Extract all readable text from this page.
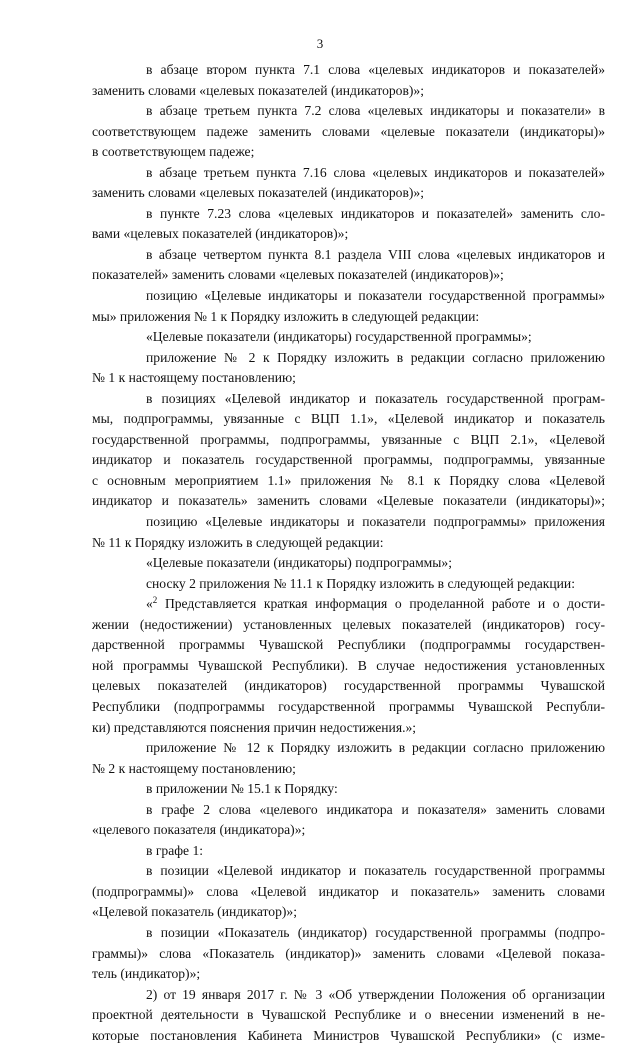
3
в абзаце втором пункта 7.1 слова «целевых индикаторов и показателей»
заменить словами «целевых показателей (индикаторов)»;
в абзаце третьем пункта 7.2 слова «целевых индикаторы и показатели» в
соответствующем падеже заменить словами «целевые показатели (индикаторы)»
в соответствующем падеже;
в абзаце третьем пункта 7.16 слова «целевых индикаторов и показателей»
заменить словами «целевых показателей (индикаторов)»;
в пункте 7.23 слова «целевых индикаторов и показателей» заменить сло-
вами «целевых показателей (индикаторов)»;
в абзаце четвертом пункта 8.1 раздела VIII слова «целевых индикаторов и
показателей» заменить словами «целевых показателей (индикаторов)»;
позицию «Целевые индикаторы и показатели государственной программы»
мы» приложения № 1 к Порядку изложить в следующей редакции:
«Целевые показатели (индикаторы) государственной программы»;
приложение № 2 к Порядку изложить в редакции согласно приложению
№ 1 к настоящему постановлению;
в позициях «Целевой индикатор и показатель государственной програм-
мы, подпрограммы, увязанные с ВЦП 1.1», «Целевой индикатор и показатель
государственной программы, подпрограммы, увязанные с ВЦП 2.1», «Целевой
индикатор и показатель государственной программы, подпрограммы, увязанные
с основным мероприятием 1.1» приложения № 8.1 к Порядку слова «Целевой
индикатор и показатель» заменить словами «Целевые показатели (индикаторы)»;
позицию «Целевые индикаторы и показатели подпрограммы» приложения
№ 11 к Порядку изложить в следующей редакции:
«Целевые показатели (индикаторы) подпрограммы»;
сноску 2 приложения № 11.1 к Порядку изложить в следующей редакции:
«$^2$ Представляется краткая информация о проделанной работе и о дости-
жении (недостижении) установленных целевых показателей (индикаторов) госу-
дарственной программы Чувашской Республики (подпрограммы государствен-
ной программы Чувашской Республики). В случае недостижения установленных
целевых показателей (индикаторов) государственной программы Чувашской
Республики (подпрограммы государственной программы Чувашской Республи-
ки) представляются пояснения причин недостижения.»;
приложение № 12 к Порядку изложить в редакции согласно приложению
№ 2 к настоящему постановлению;
в приложении № 15.1 к Порядку:
в графе 2 слова «целевого индикатора и показателя» заменить словами
«целевого показателя (индикатора)»;
в графе 1:
в позиции «Целевой индикатор и показатель государственной программы
(подпрограммы)» слова «Целевой индикатор и показатель» заменить словами
«Целевой показатель (индикатор)»;
в позиции «Показатель (индикатор) государственной программы (подпро-
граммы)» слова «Показатель (индикатор)» заменить словами «Целевой показа-
тель (индикатор)»;
2) от 19 января 2017 г. № 3 «Об утверждении Положения об организации
проектной деятельности в Чувашской Республике и о внесении изменений в не-
которые постановления Кабинета Министров Чувашской Республики» (с изме-
